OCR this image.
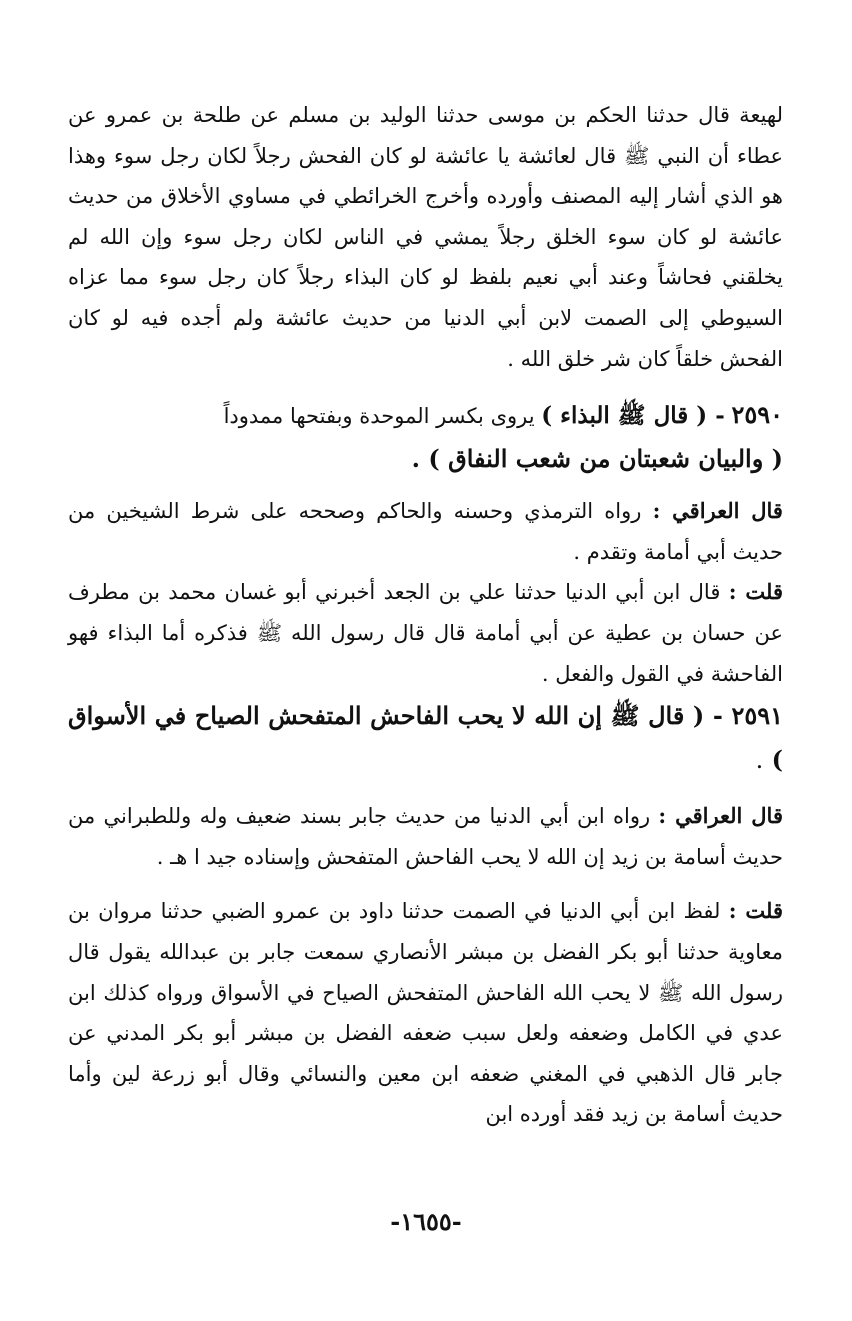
لهيعة قال حدثنا الحكم بن موسى حدثنا الوليد بن مسلم عن طلحة بن عمرو عن عطاء أن النبي ﷺ قال لعائشة يا عائشة لو كان الفحش رجلاً لكان رجل سوء وهذا هو الذي أشار إليه المصنف وأورده وأخرج الخرائطي في مساوي الأخلاق من حديث عائشة لو كان سوء الخلق رجلاً يمشي في الناس لكان رجل سوء وإن الله لم يخلقني فحاشاً وعند أبي نعيم بلفظ لو كان البذاء رجلاً كان رجل سوء مما عزاه السيوطي إلى الصمت لابن أبي الدنيا من حديث عائشة ولم أجده فيه لو كان الفحش خلقاً كان شر خلق الله .

٢٥٩٠ - ( قال ﷺ البذاء ) يروى بكسر الموحدة وبفتحها ممدوداً

( والبيان شعبتان من شعب النفاق ) .

قال العراقي : رواه الترمذي وحسنه والحاكم وصححه على شرط الشيخين من حديث أبي أمامة وتقدم .

قلت : قال ابن أبي الدنيا حدثنا علي بن الجعد أخبرني أبو غسان محمد بن مطرف عن حسان بن عطية عن أبي أمامة قال قال رسول الله ﷺ فذكره أما البذاء فهو الفاحشة في القول والفعل .

٢٥٩١ - ( قال ﷺ إن الله لا يحب الفاحش المتفحش الصياح في الأسواق ) .

قال العراقي : رواه ابن أبي الدنيا من حديث جابر بسند ضعيف وله وللطبراني من حديث أسامة بن زيد إن الله لا يحب الفاحش المتفحش وإسناده جيد ا هـ .

قلت : لفظ ابن أبي الدنيا في الصمت حدثنا داود بن عمرو الضبي حدثنا مروان بن معاوية حدثنا أبو بكر الفضل بن مبشر الأنصاري سمعت جابر بن عبدالله يقول قال رسول الله ﷺ لا يحب الله الفاحش المتفحش الصياح في الأسواق ورواه كذلك ابن عدي في الكامل وضعفه ولعل سبب ضعفه الفضل بن مبشر أبو بكر المدني عن جابر قال الذهبي في المغني ضعفه ابن معين والنسائي وقال أبو زرعة لين وأما حديث أسامة بن زيد فقد أورده ابن

-١٦٥٥-
